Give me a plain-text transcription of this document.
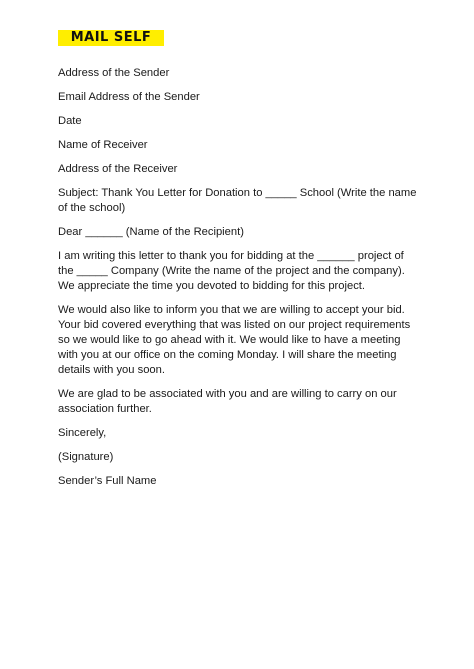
MAIL SELF

Address of the Sender

Email Address of the Sender

Date

Name of Receiver

Address of the Receiver

Subject: Thank You Letter for Donation to _____ School (Write the name of the school)

Dear ______ (Name of the Recipient)

I am writing this letter to thank you for bidding at the ______ project of the _____ Company (Write the name of the project and the company). We appreciate the time you devoted to bidding for this project.

We would also like to inform you that we are willing to accept your bid. Your bid covered everything that was listed on our project requirements so we would like to go ahead with it. We would like to have a meeting with you at our office on the coming Monday. I will share the meeting details with you soon.

We are glad to be associated with you and are willing to carry on our association further.

Sincerely,

(Signature)

Sender’s Full Name
